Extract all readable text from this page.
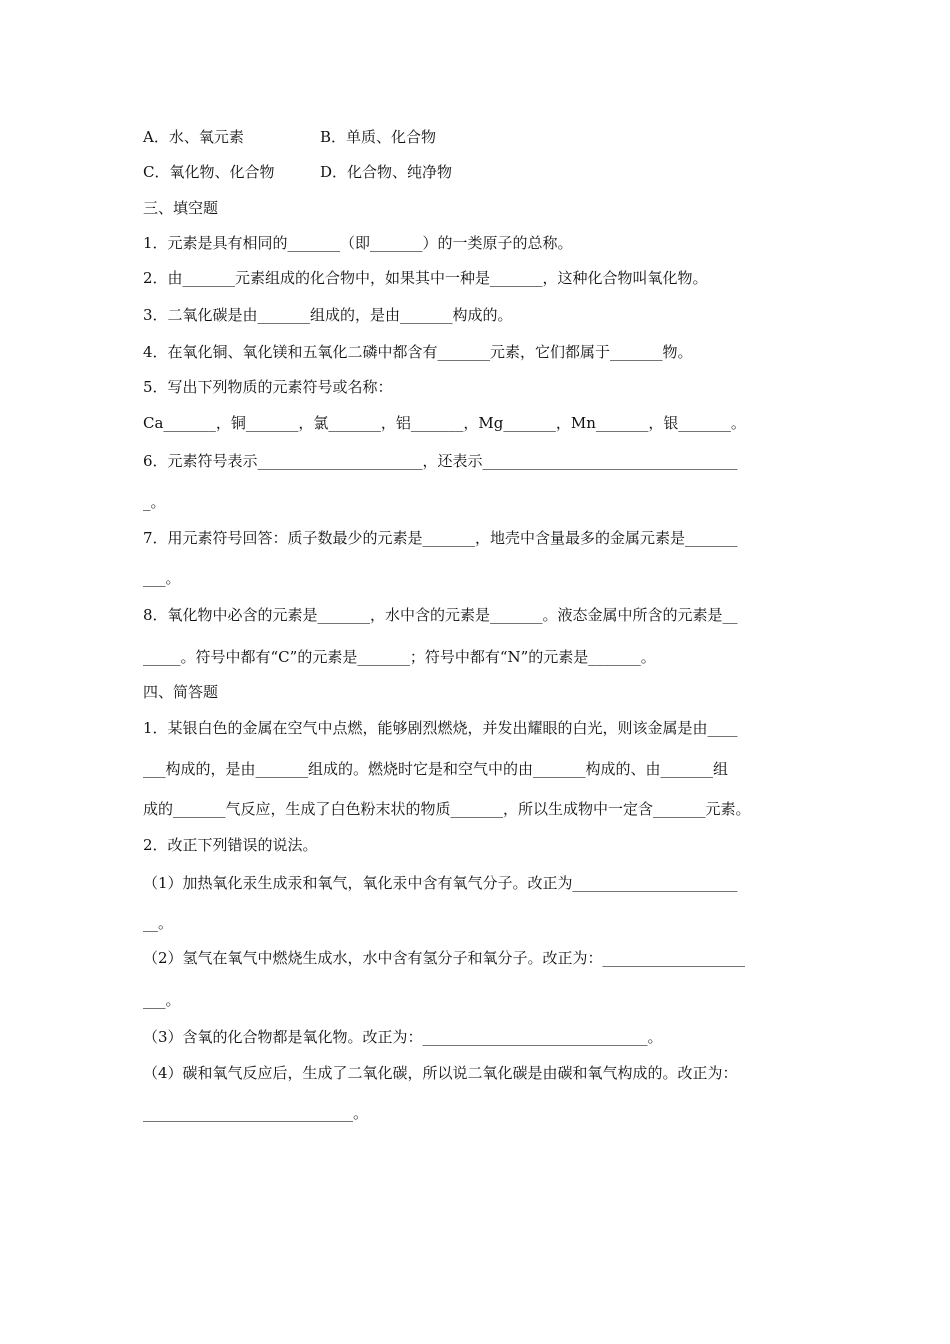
A．水、氧元素	B．单质、化合物
C．氧化物、化合物	D．化合物、纯净物
三、填空题
1．元素是具有相同的_______（即_______）的一类原子的总称。
2．由_______元素组成的化合物中，如果其中一种是_______，这种化合物叫氧化物。
3．二氧化碳是由_______组成的，是由_______构成的。
4．在氧化铜、氧化镁和五氧化二磷中都含有_______元素，它们都属于_______物。
5．写出下列物质的元素符号或名称：
Ca_______，铜_______，氯_______，铝_______，Mg_______，Mn_______，银_______。
6．元素符号表示______________________，还表示__________________________________
_。
7．用元素符号回答：质子数最少的元素是_______，地壳中含量最多的金属元素是_______
___。
8．氧化物中必含的元素是_______，水中含的元素是_______。液态金属中所含的元素是__
_____。符号中都有“C”的元素是_______；符号中都有“N”的元素是_______。
四、简答题
1．某银白色的金属在空气中点燃，能够剧烈燃烧，并发出耀眼的白光，则该金属是由____
___构成的，是由_______组成的。燃烧时它是和空气中的由_______构成的、由_______组
成的_______气反应，生成了白色粉末状的物质_______，所以生成物中一定含_______元素。
2．改正下列错误的说法。
（1）加热氧化汞生成汞和氧气，氧化汞中含有氧气分子。改正为______________________
__。
（2）氢气在氧气中燃烧生成水，水中含有氢分子和氧分子。改正为：___________________
___。
（3）含氧的化合物都是氧化物。改正为：______________________________。
（4）碳和氧气反应后，生成了二氧化碳，所以说二氧化碳是由碳和氧气构成的。改正为：
____________________________。
